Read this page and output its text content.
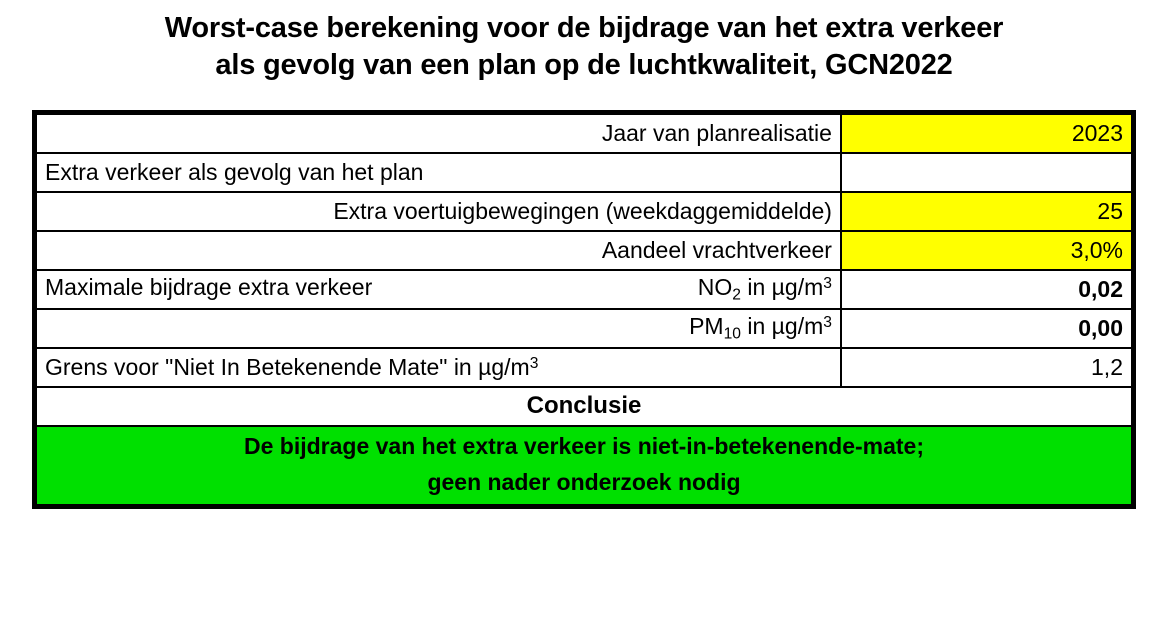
Worst-case berekening voor de bijdrage van het extra verkeer
als gevolg van een plan op de luchtkwaliteit, GCN2022
Jaar van planrealisatie	2023
Extra verkeer als gevolg van het plan	
Extra voertuigbewegingen (weekdaggemiddelde)	25
Aandeel vrachtverkeer	3,0%

Maximale bijdrage extra verkeer $NO_2$ in $\mu g/m^3$	0,02
$PM_{10}$ in $\mu g/m^3$	0,00
Grens voor "Niet In Betekenende Mate" in $\mu g/m^3$	1,2
Conclusie	

De bijdrage van het extra verkeer is niet-in-betekenende-mate;
geen nader onderzoek nodig	
